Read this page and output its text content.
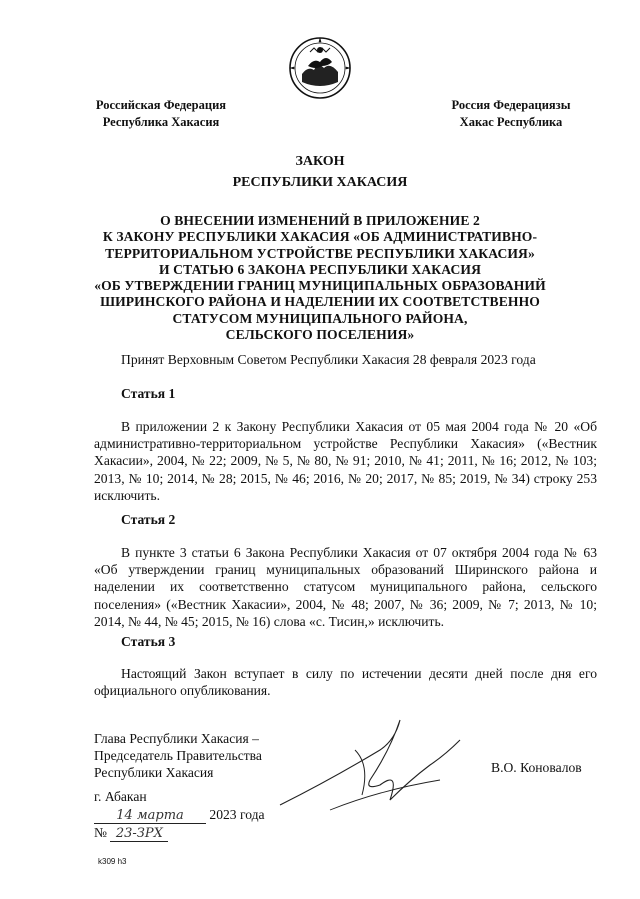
Российская Федерация
Республика Хакасия
Россия Федерациязы
Хакас Республика
ЗАКОН
РЕСПУБЛИКИ ХАКАСИЯ
О ВНЕСЕНИИ ИЗМЕНЕНИЙ В ПРИЛОЖЕНИЕ 2
К ЗАКОНУ РЕСПУБЛИКИ ХАКАСИЯ «ОБ АДМИНИСТРАТИВНО-
ТЕРРИТОРИАЛЬНОМ УСТРОЙСТВЕ РЕСПУБЛИКИ ХАКАСИЯ»
И СТАТЬЮ 6 ЗАКОНА РЕСПУБЛИКИ ХАКАСИЯ
«ОБ УТВЕРЖДЕНИИ ГРАНИЦ МУНИЦИПАЛЬНЫХ ОБРАЗОВАНИЙ
ШИРИНСКОГО РАЙОНА И НАДЕЛЕНИИ ИХ СООТВЕТСТВЕННО
СТАТУСОМ МУНИЦИПАЛЬНОГО РАЙОНА,
СЕЛЬСКОГО ПОСЕЛЕНИЯ»
Принят Верховным Советом Республики Хакасия 28 февраля 2023 года
Статья 1
В приложении 2 к Закону Республики Хакасия от 05 мая 2004 года № 20 «Об административно-территориальном устройстве Республики Хакасия» («Вестник Хакасии», 2004, № 22; 2009, № 5, № 80, № 91; 2010, № 41; 2011, № 16; 2012, № 103; 2013, № 10; 2014, № 28; 2015, № 46; 2016, № 20; 2017, № 85; 2019, № 34) строку 253 исключить.
Статья 2
В пункте 3 статьи 6 Закона Республики Хакасия от 07 октября 2004 года № 63 «Об утверждении границ муниципальных образований Ширинского района и наделении их соответственно статусом муниципального района, сельского поселения» («Вестник Хакасии», 2004, № 48; 2007, № 36; 2009, № 7; 2013, № 10; 2014, № 44, № 45; 2015, № 16) слова «с. Тисин,» исключить.
Статья 3
Настоящий Закон вступает в силу по истечении десяти дней после дня его официального опубликования.
Глава Республики Хакасия –
Председатель Правительства
Республики Хакасия	В.О. Коновалов
г. Абакан
14 марта 2023 года
№ 23-ЗРХ
k309 h3
